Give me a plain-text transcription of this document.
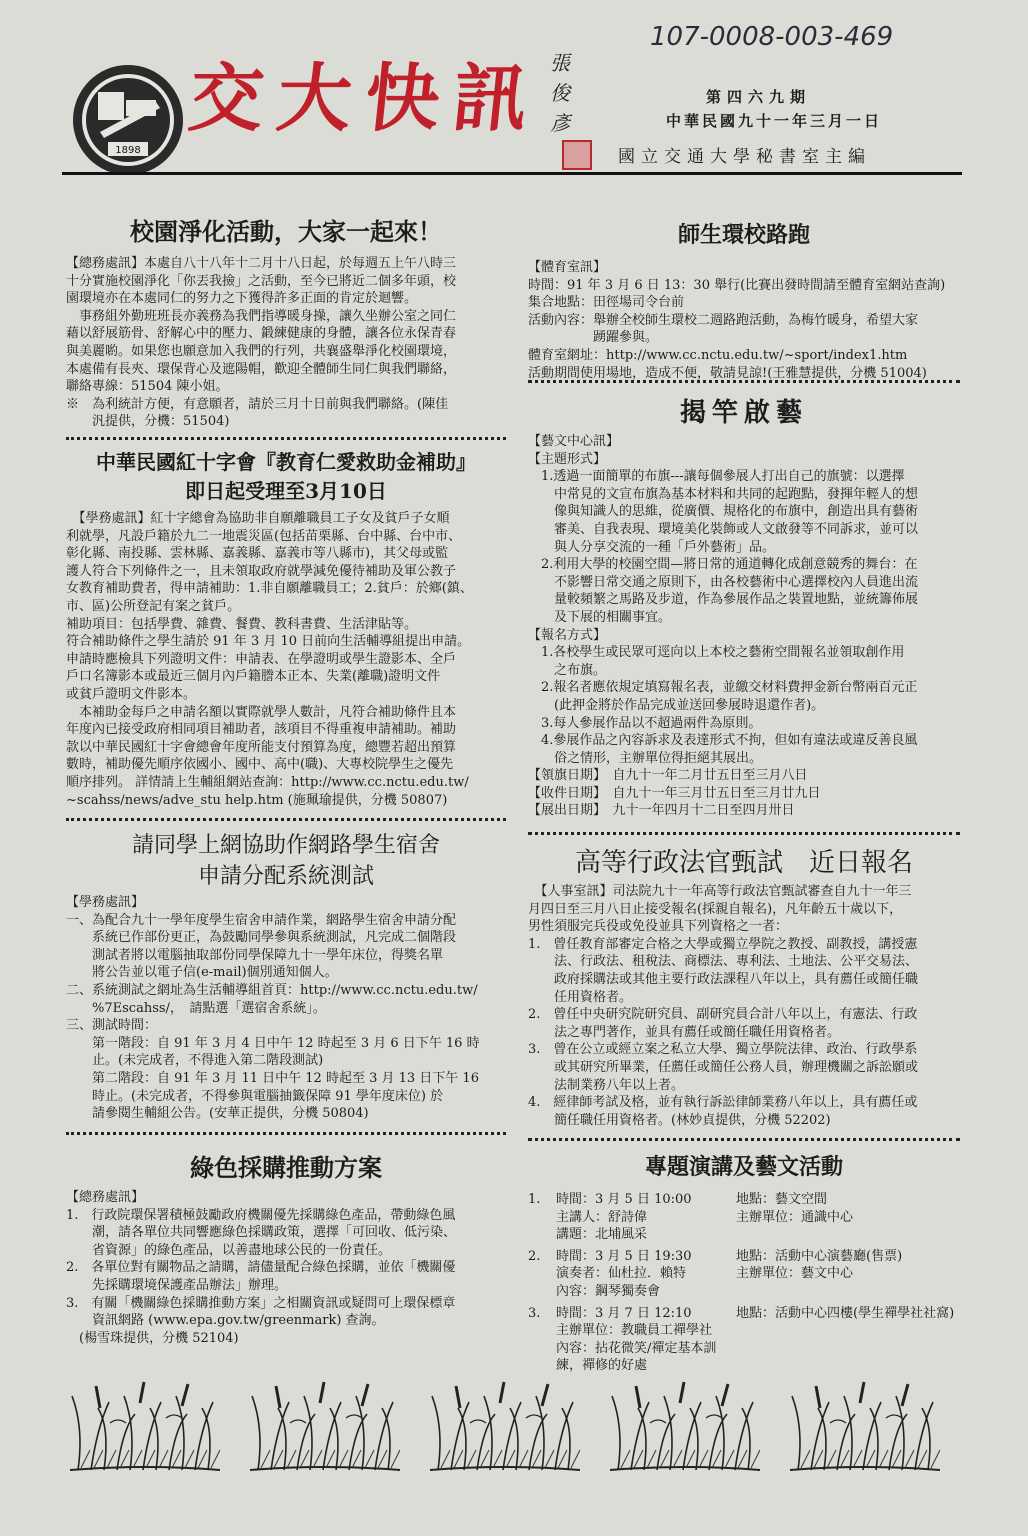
1898
交大快訊 張俊彥
107-0008-003-469
第四六九期
中華民國九十一年三月一日
國立交通大學秘書室主編
校園淨化活動，大家一起來！

【總務處訊】本處自八十八年十二月十八日起，於每週五上午八時三

十分實施校園淨化「你丟我撿」之活動，至今已將近二個多年頭，校

園環境亦在本處同仁的努力之下獲得許多正面的肯定於迴響。

　事務組外勤班班長亦義務為我們指導暖身操，讓久坐辦公室之同仁

藉以舒展筋骨、舒解心中的壓力、鍛練健康的身體，讓各位永保青春

與美麗喲。如果您也願意加入我們的行列，共襄盛舉淨化校園環境，

本處備有長夾、環保背心及遮陽帽，歡迎全體師生同仁與我們聯絡，

聯絡專線：51504 陳小姐。

※　為利統計方便，有意願者，請於三月十日前與我們聯絡。(陳佳

　　汎提供，分機：51504)

中華民國紅十字會『教育仁愛救助金補助』
即日起受理至3月10日

　【學務處訊】紅十字總會為協助非自願離職員工子女及貧戶子女順

利就學，凡設戶籍於九二一地震災區(包括苗栗縣、台中縣、台中市、

彰化縣、南投縣、雲林縣、嘉義縣、嘉義市等八縣市)，其父母或監

護人符合下列條件之一，且未領取政府就學減免優待補助及軍公教子

女教育補助費者，得申請補助：1.非自願離職員工；2.貧戶：於鄉(鎮、

市、區)公所登記有案之貧戶。

補助項目：包括學費、雜費、餐費、教科書費、生活津貼等。

符合補助條件之學生請於 91 年 3 月 10 日前向生活輔導組提出申請。

申請時應檢具下列證明文件：申請表、在學證明或學生證影本、全戶

戶口名簿影本或最近三個月內戶籍謄本正本、失業(離職)證明文件

或貧戶證明文件影本。

　本補助金每戶之申請名額以實際就學人數計，凡符合補助條件且本

年度內已接受政府相同項目補助者，該項目不得重複申請補助。補助

款以中華民國紅十字會總會年度所能支付預算為度，總豐若超出預算

數時，補助優先順序依國小、國中、高中(職)、大專校院學生之優先

順序排列。 詳情請上生輔組網站查詢：http://www.cc.nctu.edu.tw/

~scahss/news/adve_stu help.htm (施珮瑜提供，分機 50807)

請同學上網協助作網路學生宿舍
申請分配系統測試

【學務處訊】

一、為配合九十一學年度學生宿舍申請作業，網路學生宿舍申請分配

　　系統已作部份更正，為鼓勵同學參與系統測試，凡完成二個階段

　　測試者將以電腦抽取部份同學保障九十一學年床位，得獎名單

　　將公告並以電子信(e-mail)個別通知個人。

二、系統測試之網址為生活輔導組首頁：http://www.cc.nctu.edu.tw/

　　%7Escahss/，　請點選「選宿舍系統」。

三、測試時間：

　　第一階段：自 91 年 3 月 4 日中午 12 時起至 3 月 6 日下午 16 時

　　止。(未完成者，不得進入第二階段測試)

　　第二階段：自 91 年 3 月 11 日中午 12 時起至 3 月 13 日下午 16

　　時止。(未完成者，不得參與電腦抽籤保障 91 學年度床位) 於

　　請參閱生輔組公告。(安華正提供，分機 50804)

綠色採購推動方案

【總務處訊】

1.　行政院環保署積極鼓勵政府機關優先採購綠色產品，帶動綠色風

　　潮，請各單位共同響應綠色採購政策，選擇「可回收、低污染、

　　省資源」的綠色產品，以善盡地球公民的一份責任。

2.　各單位對有關物品之請購，請儘量配合綠色採購，並依「機關優

　　先採購環境保護產品辦法」辦理。

3.　有關「機關綠色採購推動方案」之相關資訊或疑問可上環保標章

　　資訊網路 (www.epa.gov.tw/greenmark) 查詢。

　(楊雪珠提供，分機 52104)

師生環校路跑

【體育室訊】

時間：91 年 3 月 6 日 13：30 舉行(比賽出發時間請至體育室網站查詢)

集合地點：田徑場司令台前

活動內容：舉辦全校師生環校二週路跑活動，為梅竹暖身，希望大家

　　　　　踴躍參與。

體育室網址：http://www.cc.nctu.edu.tw/~sport/index1.htm

活動期間使用場地，造成不便，敬請見諒!(王雅慧提供，分機 51004)

揭竿啟藝

【藝文中心訊】

【主題形式】

　1.透過一面簡單的布旗---讓每個參展人打出自己的旗號：以選擇

　　中常見的文宣布旗為基本材料和共同的起跑點，發揮年輕人的想

　　像與知識人的思維，從廣價、規格化的布旗中，創造出具有藝術

　　審美、自我表現、環境美化裝飾或人文啟發等不同訴求，並可以

　　與人分享交流的一種「戶外藝術」品。

　2.利用大學的校園空間—將日常的通道轉化成創意競秀的舞台：在

　　不影響日常交通之原則下，由各校藝術中心選擇校內人員進出流

　　量較頻繁之馬路及步道，作為參展作品之裝置地點，並統籌佈展

　　及下展的相關事宜。

【報名方式】

　1.各校學生或民眾可逕向以上本校之藝術空間報名並領取創作用

　　之布旗。

　2.報名者應依規定填寫報名表，並繳交材料費押金新台幣兩百元正

　　(此押金將於作品完成並送回參展時退還作者)。

　3.每人參展作品以不超過兩件為原則。

　4.參展作品之內容訴求及表達形式不拘，但如有違法或違反善良風

　　俗之情形，主辦單位得拒絕其展出。

【領旗日期】　自九十一年二月廿五日至三月八日

【收件日期】　自九十一年三月廿五日至三月廿九日

【展出日期】　九十一年四月十二日至四月卅日

高等行政法官甄試　近日報名

　【人事室訊】司法院九十一年高等行政法官甄試審查自九十一年三

月四日至三月八日止接受報名(採親自報名)，凡年齡五十歲以下，

男性須服完兵役或免役並具下列資格之一者：

1.　曾任教育部審定合格之大學或獨立學院之教授、副教授，講授憲

　　法、行政法、租稅法、商標法、專利法、土地法、公平交易法、

　　政府採購法或其他主要行政法課程八年以上，具有薦任或簡任職

　　任用資格者。

2.　曾任中央研究院研究員、副研究員合計八年以上，有憲法、行政

　　法之專門著作，並具有薦任或簡任職任用資格者。

3.　曾在公立或經立案之私立大學、獨立學院法律、政治、行政學系

　　或其研究所畢業，任薦任或簡任公務人員，辦理機關之訴訟願或

　　法制業務八年以上者。

4.　經律師考試及格，並有執行訴訟律師業務八年以上，具有薦任或

　　簡任職任用資格者。(林妙貞提供，分機 52202)

專題演講及藝文活動
1.	時間：3 月 5 日 10:00	地點：藝文空間
主講人：舒詩偉	主辦單位：通識中心
講題：北埔風采
2.	時間：3 月 5 日 19:30	地點：活動中心演藝廳(售票)
演奏者：仙杜拉．賴特	主辦單位：藝文中心
內容：鋼琴獨奏會
3.	時間：3 月 7 日 12:10	地點：活動中心四樓(學生禪學社社窩)
主辦單位：教職員工禪學社
內容：拈花微笑/禪定基本訓練，禪修的好處
